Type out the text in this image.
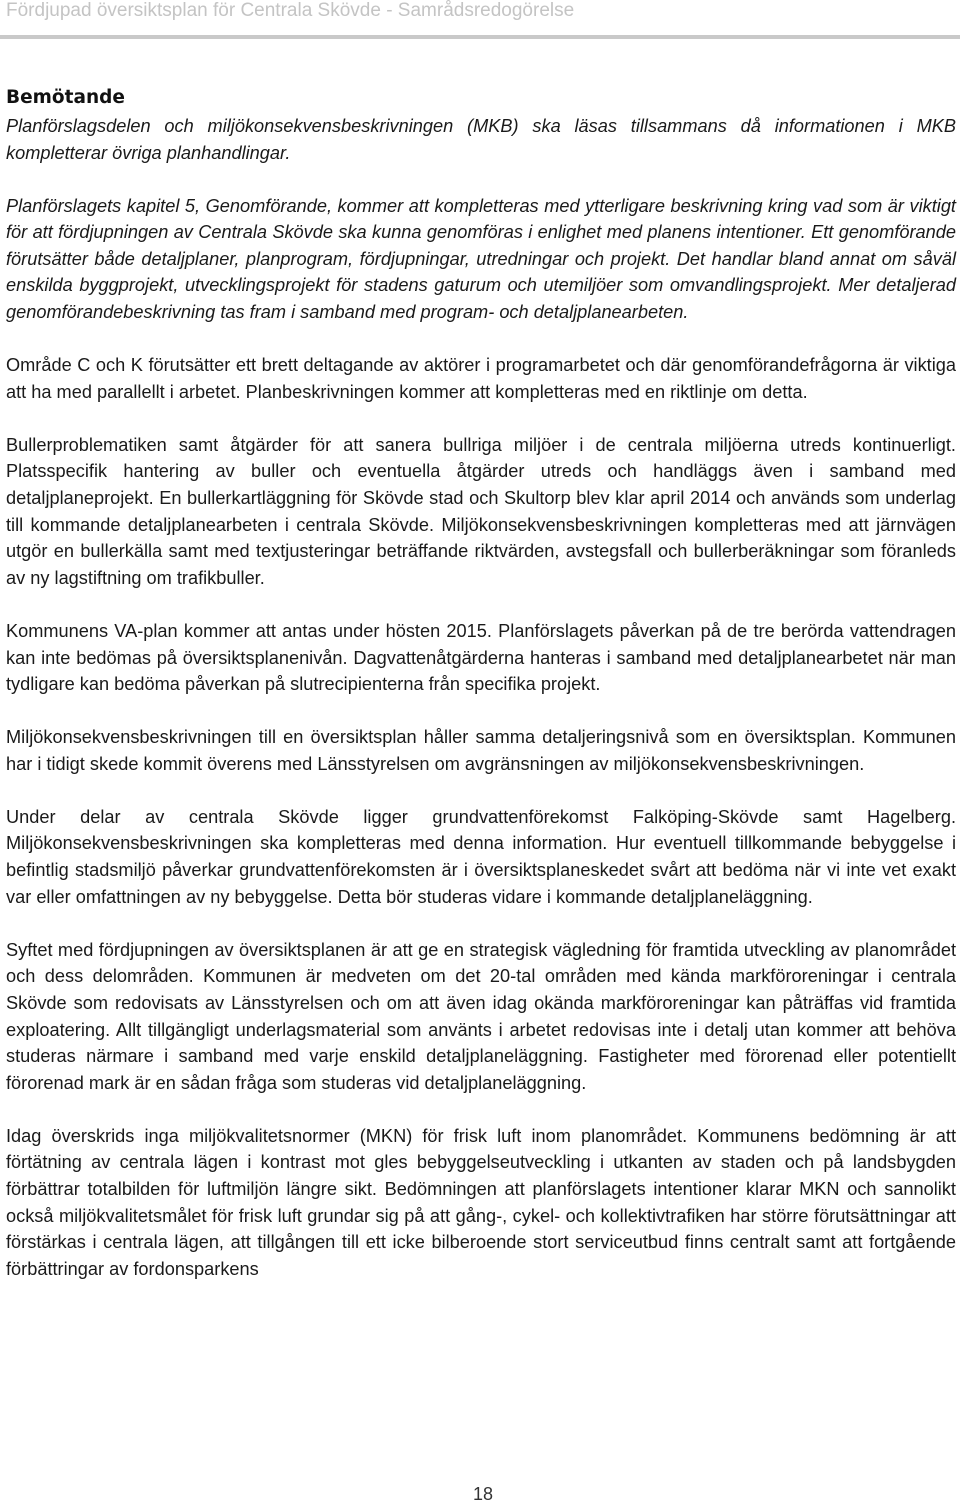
Fördjupad översiktsplan för Centrala Skövde - Samrådsredogörelse
Bemötande

Planförslagsdelen och miljökonsekvensbeskrivningen (MKB) ska läsas tillsammans då informationen i MKB kompletterar övriga planhandlingar.

Planförslagets kapitel 5, Genomförande, kommer att kompletteras med ytterligare beskrivning kring vad som är viktigt för att fördjupningen av Centrala Skövde ska kunna genomföras i enlighet med planens intentioner. Ett genomförande förutsätter både detaljplaner, planprogram, fördjupningar, utredningar och projekt. Det handlar bland annat om såväl enskilda byggprojekt, utvecklingsprojekt för stadens gaturum och utemiljöer som omvandlingsprojekt. Mer detaljerad genomförandebeskrivning tas fram i samband med program- och detaljplanearbeten.

Område C och K förutsätter ett brett deltagande av aktörer i programarbetet och där genomförandefrågorna är viktiga att ha med parallellt i arbetet. Planbeskrivningen kommer att kompletteras med en riktlinje om detta.

Bullerproblematiken samt åtgärder för att sanera bullriga miljöer i de centrala miljöerna utreds kontinuerligt. Platsspecifik hantering av buller och eventuella åtgärder utreds och handläggs även i samband med detaljplaneprojekt. En bullerkartläggning för Skövde stad och Skultorp blev klar april 2014 och används som underlag till kommande detaljplanearbeten i centrala Skövde. Miljökonsekvensbeskrivningen kompletteras med att järnvägen utgör en bullerkälla samt med textjusteringar beträffande riktvärden, avstegsfall och bullerberäkningar som föranleds av ny lagstiftning om trafikbuller.

Kommunens VA-plan kommer att antas under hösten 2015. Planförslagets påverkan på de tre berörda vattendragen kan inte bedömas på översiktsplanenivån. Dagvattenåtgärderna hanteras i samband med detaljplanearbetet när man tydligare kan bedöma påverkan på slutrecipienterna från specifika projekt.

Miljökonsekvensbeskrivningen till en översiktsplan håller samma detaljeringsnivå som en översiktsplan. Kommunen har i tidigt skede kommit överens med Länsstyrelsen om avgränsningen av miljökonsekvensbeskrivningen.

Under delar av centrala Skövde ligger grundvattenförekomst Falköping-Skövde samt Hagelberg. Miljökonsekvensbeskrivningen ska kompletteras med denna information. Hur eventuell tillkommande bebyggelse i befintlig stadsmiljö påverkar grundvattenförekomsten är i översiktsplaneskedet svårt att bedöma när vi inte vet exakt var eller omfattningen av ny bebyggelse. Detta bör studeras vidare i kommande detaljplaneläggning.

Syftet med fördjupningen av översiktsplanen är att ge en strategisk vägledning för framtida utveckling av planområdet och dess delområden. Kommunen är medveten om det 20-tal områden med kända markföroreningar i centrala Skövde som redovisats av Länsstyrelsen och om att även idag okända markföroreningar kan påträffas vid framtida exploatering. Allt tillgängligt underlagsmaterial som använts i arbetet redovisas inte i detalj utan kommer att behöva studeras närmare i samband med varje enskild detaljplaneläggning. Fastigheter med förorenad eller potentiellt förorenad mark är en sådan fråga som studeras vid detaljplaneläggning.

Idag överskrids inga miljökvalitetsnormer (MKN) för frisk luft inom planområdet. Kommunens bedömning är att förtätning av centrala lägen i kontrast mot gles bebyggelseutveckling i utkanten av staden och på landsbygden förbättrar totalbilden för luftmiljön längre sikt. Bedömningen att planförslagets intentioner klarar MKN och sannolikt också miljökvalitetsmålet för frisk luft grundar sig på att gång-, cykel- och kollektivtrafiken har större förutsättningar att förstärkas i centrala lägen, att tillgången till ett icke bilberoende stort serviceutbud finns centralt samt att fortgående förbättringar av fordonsparkens

18
